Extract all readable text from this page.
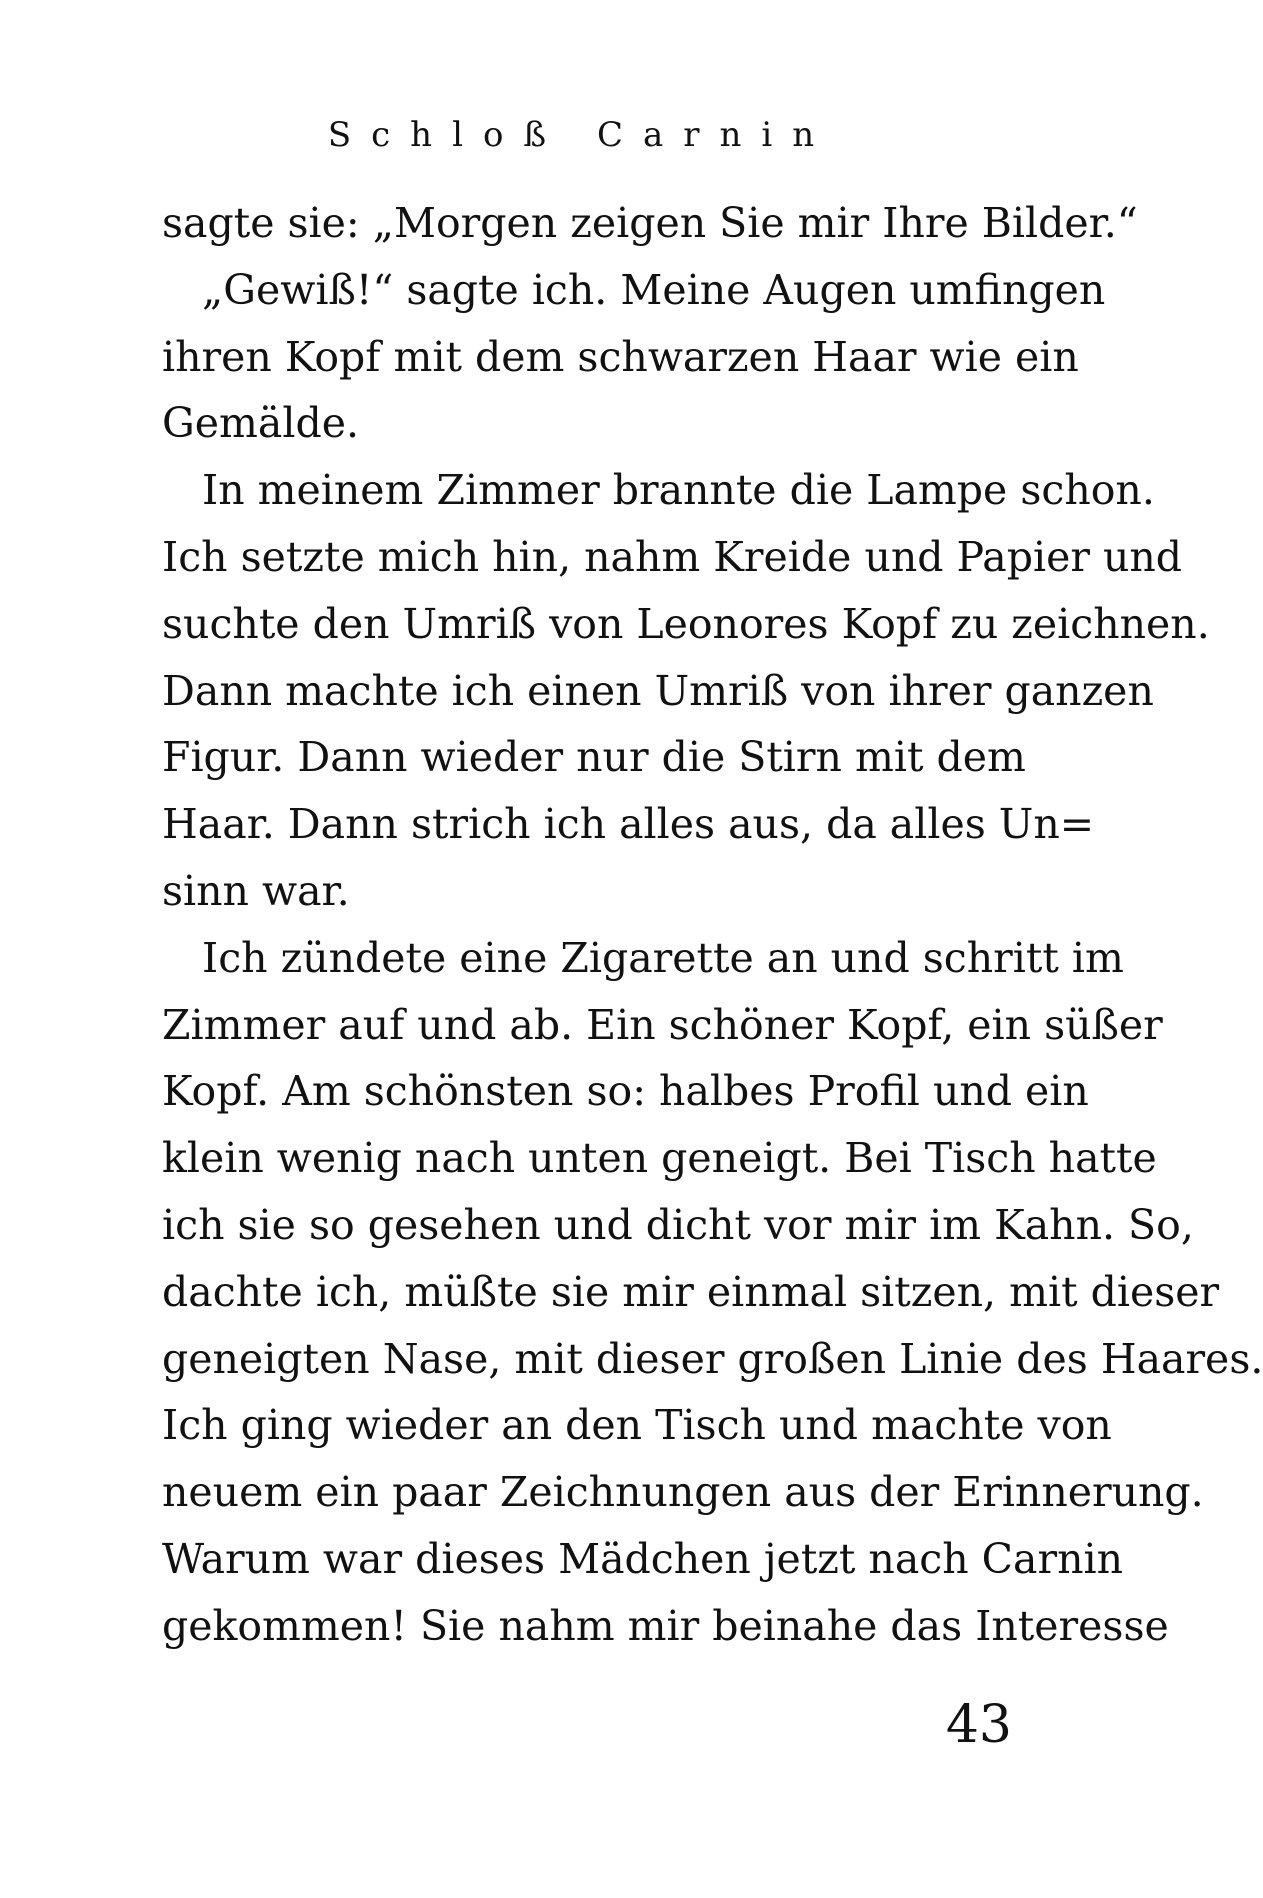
Schloß Carnin
sagte sie: „Morgen zeigen Sie mir Ihre Bilder.“
„Gewiß!“ sagte ich. Meine Augen umfingen
ihren Kopf mit dem schwarzen Haar wie ein
Gemälde.
In meinem Zimmer brannte die Lampe schon.
Ich setzte mich hin, nahm Kreide und Papier und
suchte den Umriß von Leonores Kopf zu zeichnen.
Dann machte ich einen Umriß von ihrer ganzen
Figur. Dann wieder nur die Stirn mit dem
Haar. Dann strich ich alles aus, da alles Un=
sinn war.
Ich zündete eine Zigarette an und schritt im
Zimmer auf und ab. Ein schöner Kopf, ein süßer
Kopf. Am schönsten so: halbes Profil und ein
klein wenig nach unten geneigt. Bei Tisch hatte
ich sie so gesehen und dicht vor mir im Kahn. So,
dachte ich, müßte sie mir einmal sitzen, mit dieser
geneigten Nase, mit dieser großen Linie des Haares.
Ich ging wieder an den Tisch und machte von
neuem ein paar Zeichnungen aus der Erinnerung.
Warum war dieses Mädchen jetzt nach Carnin
gekommen! Sie nahm mir beinahe das Interesse
43
